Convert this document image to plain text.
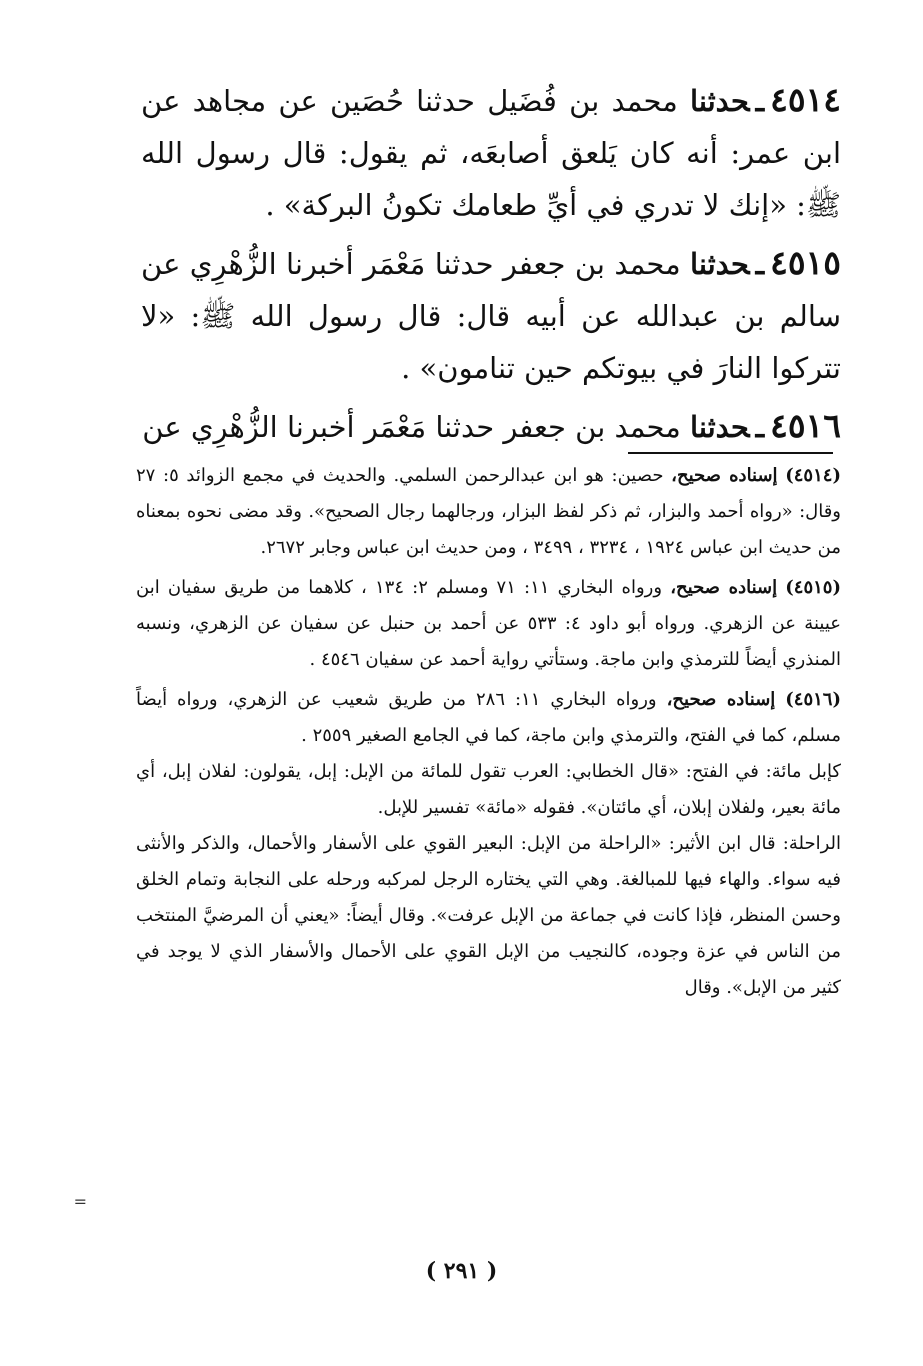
٤٥١٤ـحدثنا محمد بن فُضَيل حدثنا حُصَين عن مجاهد عن ابن عمر: أنه كان يَلعق أصابعَه، ثم يقول: قال رسول الله ﷺ: «إنك لا تدري في أيِّ طعامك تكونُ البركة» .

٤٥١٥ـحدثنا محمد بن جعفر حدثنا مَعْمَر أخبرنا الزُّهْرِي عن سالم بن عبدالله عن أبيه قال: قال رسول الله ﷺ: «لا تتركوا النارَ في بيوتكم حين تنامون» .

٤٥١٦ـحدثنا محمد بن جعفر حدثنا مَعْمَر أخبرنا الزُّهْرِي عن

(٤٥١٤) إسناده صحيح، حصين: هو ابن عبدالرحمن السلمي. والحديث في مجمع الزوائد ٥: ٢٧ وقال: «رواه أحمد والبزار، ثم ذكر لفظ البزار، ورجالهما رجال الصحيح». وقد مضى نحوه بمعناه من حديث ابن عباس ١٩٢٤ ، ٣٢٣٤ ، ٣٤٩٩ ، ومن حديث ابن عباس وجابر ٢٦٧٢.

(٤٥١٥) إسناده صحيح، ورواه البخاري ١١: ٧١ ومسلم ٢: ١٣٤ ، كلاهما من طريق سفيان ابن عيينة عن الزهري. ورواه أبو داود ٤: ٥٣٣ عن أحمد بن حنبل عن سفيان عن الزهري، ونسبه المنذري أيضاً للترمذي وابن ماجة. وستأتي رواية أحمد عن سفيان ٤٥٤٦ .

(٤٥١٦) إسناده صحيح، ورواه البخاري ١١: ٢٨٦ من طريق شعيب عن الزهري، ورواه أيضاً مسلم، كما في الفتح، والترمذي وابن ماجة، كما في الجامع الصغير ٢٥٥٩ .
كإبل مائة: في الفتح: «قال الخطابي: العرب تقول للمائة من الإبل: إبل، يقولون: لفلان إبل، أي مائة بعير، ولفلان إبلان، أي مائتان». فقوله «مائة» تفسير للإبل.
الراحلة: قال ابن الأثير: «الراحلة من الإبل: البعير القوي على الأسفار والأحمال، والذكر والأنثى فيه سواء. والهاء فيها للمبالغة. وهي التي يختاره الرجل لمركبه ورحله على النجابة وتمام الخلق وحسن المنظر، فإذا كانت في جماعة من الإبل عرفت». وقال أيضاً: «يعني أن المرضيَّ المنتخب من الناس في عزة وجوده، كالنجيب من الإبل القوي على الأحمال والأسفار الذي لا يوجد في كثير من الإبل». وقال

=
( ٢٩١ )
